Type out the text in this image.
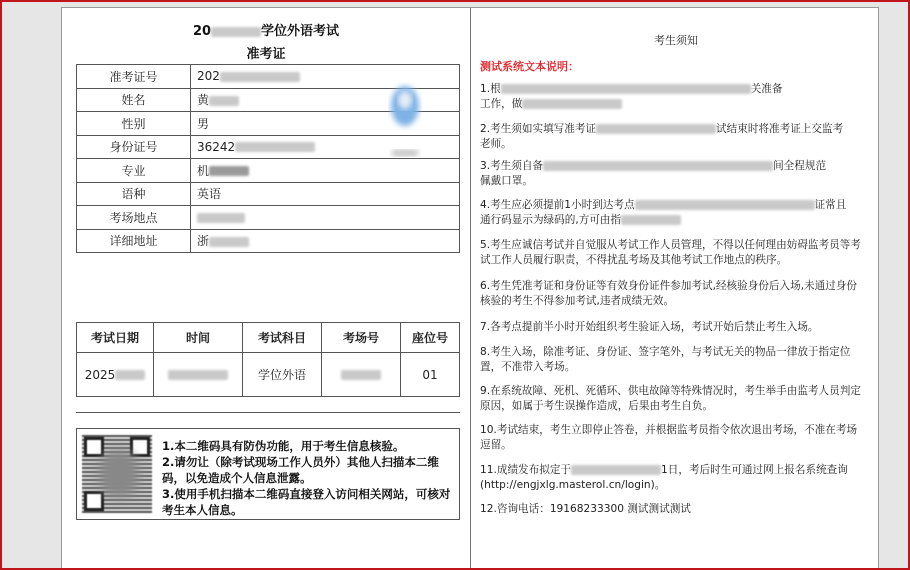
20	学位外语考试
准考证
准考证号	202
姓名	黄
性别	男
身份证号	36242
专业	机
语种	英语
考场地点	
详细地址	浙
考试日期	时间	考试科目	考场号	座位号
2025		学位外语		01
1.本二维码具有防伪功能，用于考生信息核验。
2.请勿让（除考试现场工作人员外）其他人扫描本二维码，以免造成个人信息泄露。
3.使用手机扫描本二维码直接登入访问相关网站，可核对考生本人信息。
考生须知
测试系统文本说明：
1.根	关准备
工作，做
2.考生须如实填写准考证	试结束时将准考证上交监考
老师。
3.考生须自备	间全程规范
佩戴口罩。
4.考生应必须提前1小时到达考点	证常且
通行码显示为绿码的,方可由指
5.考生应诚信考试并自觉服从考试工作人员管理，不得以任何理由妨碍监考员等考试工作人员履行职责，不得扰乱考场及其他考试工作地点的秩序。
6.考生凭准考证和身份证等有效身份证件参加考试,经核验身份后入场,未通过身份核验的考生不得参加考试,违者成绩无效。
7.各考点提前半小时开始组织考生验证入场，考试开始后禁止考生入场。
8.考生入场，除准考证、身份证、签字笔外，与考试无关的物品一律放于指定位置，不准带入考场。
9.在系统故障、死机、死循环、供电故障等特殊情况时，考生举手由监考人员判定原因，如属于考生误操作造成，后果由考生自负。
10.考试结束，考生立即停止答卷，并根据监考员指令依次退出考场，不准在考场逗留。
11.成绩发布拟定于	1日，考后时生可通过网上报名系统查询
(http://engjxlg.masterol.cn/login)。
12.咨询电话：19168233300 测试测试测试
